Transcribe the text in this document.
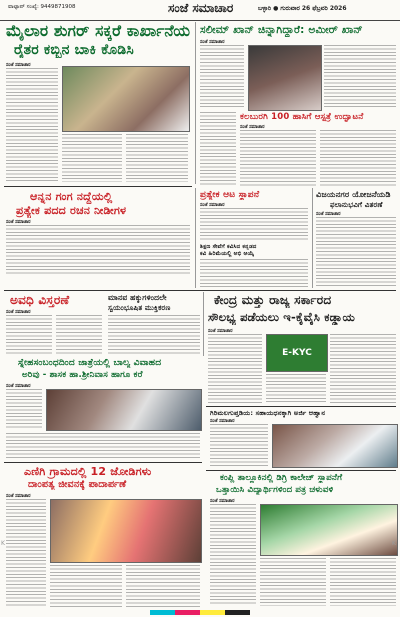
ವಾಟ್ಸಾಪ್ ಸಂಖ್ಯೆ: 9449871908	ಸಂಜೆ ಸಮಾಚಾರ	ಬಳ್ಳಾರಿ ● ಗುರುವಾರ 26 ಫೆಬ್ರವರಿ 2026
ಮೈಲಾರ ಶುಗರ್ ಸಕ್ಕರೆ ಕಾರ್ಖಾನೆಯ
ರೈತರ ಕಬ್ಬಿನ ಬಾಕಿ ಕೊಡಿಸಿ
ಸಂಜೆ ಸಮಾಚಾರ
ಸಲೀಮ್ ಖಾನ್ ಚಿನ್ನಾಗಿದ್ದಾರೆ: ಅಮೀರ್ ಖಾನ್
ಸಂಜೆ ಸಮಾಚಾರ
ಕಲಬುರಗಿ 100 ಹಾಸಿಗೆ ಆಸ್ಪತ್ರೆ ಉದ್ಘಾಟನೆ
ಸಂಜೆ ಸಮಾಚಾರ
ಆನ್ನನ ಗಂಗ ನದ್ದೆಯಲ್ಲಿ
ಪ್ರತ್ಯೇಕ ಪದದ ರಚನ ನೀಡೀಗಳ
ಸಂಜೆ ಸಮಾಚಾರ
ಪ್ರತ್ಯೇಕ ಆಟ ಸ್ಥಾಪನೆ
ಸಂಜೆ ಸಮಾಚಾರ
ಶಿಕ್ಷಣ ಸೇವೆಗೆ ಕವಿಸಿದ ಕನ್ನಡದ
ಕವಿ ಹಿರಿಮೆಯಲ್ಲಿ ಅಭಿ ಆಯ್ಕೆ
ವಿಜಯನಗರ ಯೋಜನೆಯಡಿ
ಫಲಾನುಭವಿಗೆ ವಿತರಣೆ
ಸಂಜೆ ಸಮಾಚಾರ
ಅವಧಿ ವಿಸ್ತರಣೆ
ಸಂಜೆ ಸಮಾಚಾರ
ಮಾನವ ಹಕ್ಕುಗಳಿಂದಲೇ
ಸ್ವಯಂಭೂಷಿತ ಮುಕ್ತಿಕರಣ
ಕೇಂದ್ರ ಮತ್ತು ರಾಜ್ಯ ಸರ್ಕಾರದ
ಸೌಲಭ್ಯ ಪಡೆಯಲು ಇ-ಕೈವೈಸಿ ಕಡ್ಡಾಯ
ಸಂಜೆ ಸಮಾಚಾರ
E-KYC
ಸ್ನೇಹಸಂಬಂಧದಿಂದ ಜಾತ್ರೆಯಲ್ಲಿ ಬಾಲ್ಯ ವಿವಾಹದ
ಅರಿವು - ಶಾಸಕ ಹಾ.ಶ್ರೀನಿವಾಸ ಹಾಗೂ ಕರೆ
ಸಂಜೆ ಸಮಾಚಾರ
ಗಿರಿಮಲಗುಪ್ತಡಿಯ: ಸಹಾಯಧನಕ್ಕಾಗಿ ಅರ್ಜಿ ಆಹ್ವಾನ
ಸಂಜೆ ಸಮಾಚಾರ
ಎಣಿಗಿ ಗ್ರಾಮದಲ್ಲಿ 12 ಜೋಡಿಗಳು
ದಾಂಪತ್ಯ ಜೀವನಕ್ಕೆ ಪಾದಾರ್ಪಣೆ
ಸಂಜೆ ಸಮಾಚಾರ
ಕಂಪ್ಲಿ ತಾಲ್ಲೂಕಿನಲ್ಲಿ ಡಿಗ್ರಿ ಕಾಲೇಜ್ ಸ್ಥಾಪನೆಗೆ
ಒತ್ತಾಯಿಸಿ ವಿದ್ಯಾರ್ಥಿಗಳಿಂದ ಪತ್ರ ಚಳುವಳಿ
ಸಂಜೆ ಸಮಾಚಾರ
K	K
